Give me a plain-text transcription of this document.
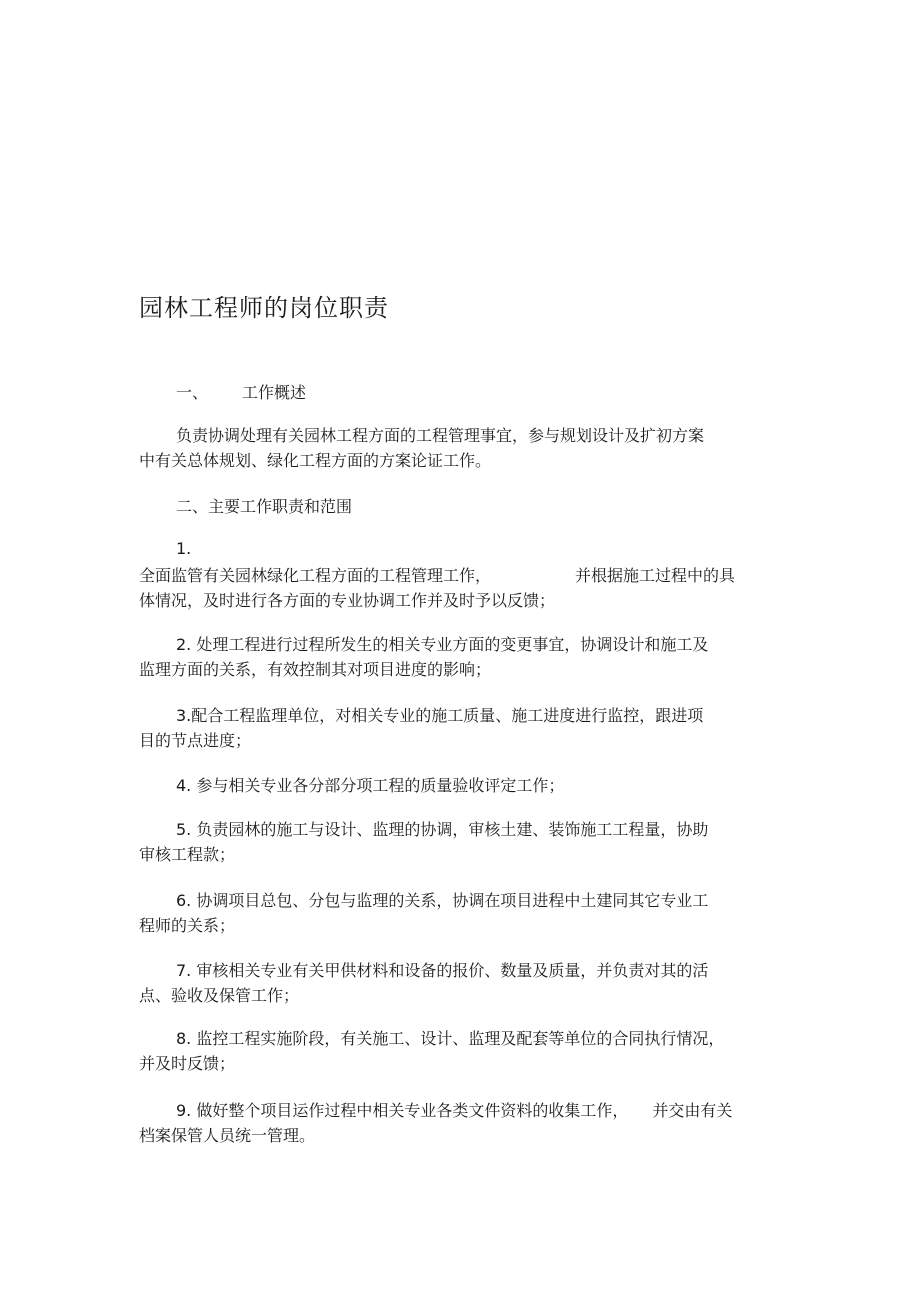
园林工程师的岗位职责
一、 工作概述
负责协调处理有关园林工程方面的工程管理事宜，参与规划设计及扩初方案
中有关总体规划、绿化工程方面的方案论证工作。
二、主要工作职责和范围
1.
全面监管有关园林绿化工程方面的工程管理工作，	并根据施工过程中的具
体情况，及时进行各方面的专业协调工作并及时予以反馈；
2. 处理工程进行过程所发生的相关专业方面的变更事宜，协调设计和施工及
监理方面的关系，有效控制其对项目进度的影响；
3.配合工程监理单位，对相关专业的施工质量、施工进度进行监控，跟进项
目的节点进度；
4. 参与相关专业各分部分项工程的质量验收评定工作；
5. 负责园林的施工与设计、监理的协调，审核土建、装饰施工工程量，协助
审核工程款；
6. 协调项目总包、分包与监理的关系，协调在项目进程中土建同其它专业工
程师的关系；
7. 审核相关专业有关甲供材料和设备的报价、数量及质量，并负责对其的活
点、验收及保管工作；
8. 监控工程实施阶段，有关施工、设计、监理及配套等单位的合同执行情况，
并及时反馈；
9. 做好整个项目运作过程中相关专业各类文件资料的收集工作， 并交由有关
档案保管人员统一管理。
